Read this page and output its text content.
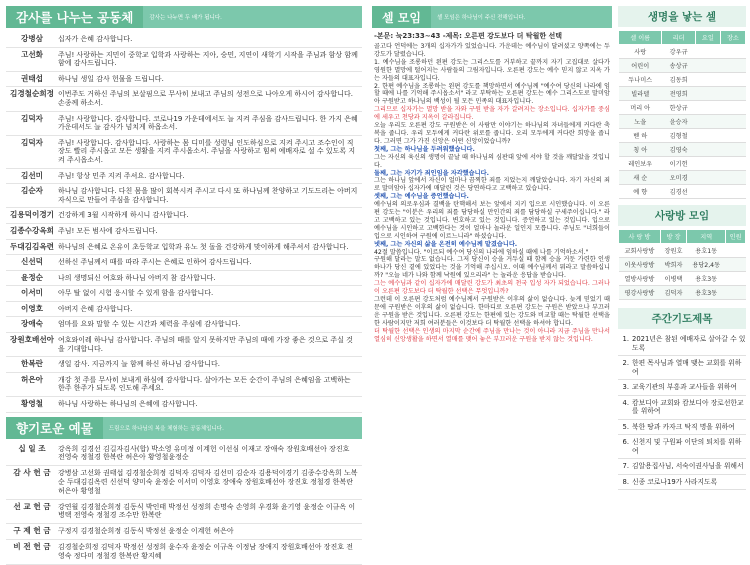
감사를 나누는 공동체	감사는 나누면 두 배가 됩니다.
강병삼	십자가 은혜 감사합니다.
고선화	주님! 사랑하는 지민이 중학교 입학과 사랑하는 지아, 승민, 지연이 새학기 시작을 주님과 함상 함께 함에 감사드립니다.
권태섭	하나님 생일 감사 헌물을 드립니다.
김경철순희정 이번주도 거하신 주님의 보살핌으로 무사히 보내고 주님의 성전으로 나아오게 하시어 감사합니다. 손종께 하소서.
김덕자	주님! 사랑합니다. 감사합니다. 코로나19 가운데에서도 늘 지켜 주심을 감사드립니다. 한 가지 은혜 가운데서도 늘 감사가 넘치게 하옵소서.
김덕자	주님! 사랑합니다. 감사합니다. 사랑하는 몸 디미를 성령님 인도하심으로 지켜 주시고 조수인이 직장도 빨리 주시옵고 모든 생활을 지켜 주시옵소서. 주님을 사랑하고 힘써 예배자로 설 수 있도록 지켜 주시옵소서.
김선미	주님! 항상 민주 지켜 주셔요. 감사합니다.
김순자	하나님 감사합니다. 다친 몸을 많이 회복시켜 주시고 다시 또 하나님께 찬양하고 기도드리는 아버지 자식으로 만들어 주심을 감사합니다.
김용덕이경기 건강하게 3월 시작하게 하시니 감사합니다.
김종수강옥희 주님! 모든 범사에 감사드립니다.
두대김김옥련 하나님의 은혜로 온유이 초등학교 입학과 유노 첫 돌을 건강하게 맞이하게 해주셔서 감사합니다.
신선덕	선하신 주님께서 때를 따라 주시는 은혜로 인하여 감사드립니다.
윤정순	나의 생명되신 여호와 하나님 아버지 참 감사합니다.
이서미	아무 탈 없이 시험 응시할 수 있게 함을 감사합니다.
이영호	아버지 은혜 감사합니다.
장애숙	엄마를 요와 말할 수 있는 시간과 체력을 주심에 감사합니다.
장원호배선아 여호와이레 하나님 감사합니다. 주님의 때를 알지 못하지만 주님의 때에 가장 좋은 것으로 주실 것을 기대합니다.
한복란	생일 감사. 지금까지 늘 함께 하신 하나님 감사합니다.
허은아	개강 첫 주를 무사히 보내게 하심에 감사합니다. 살아가는 모든 순간이 주님의 은혜임을 고백하는 한주 한주가 되도록 인도해 주세요.
황영철	하나님 사랑하는 하나님의 은혜에 감사합니다.
향기로운 예물	드림으로 하나님의 복을 체험하는 공동체입니다.
십 일 조	강옥희 김경선 김길자김사(합) 박소영 유미정 이계헌 이선심 이재고 장애숙 장원호배선아 장진호 전영숙 정철경 한복란 허은아 황영철윤정순
감 사 헌 금	강병삼 고선화 권태섭 김경철순희정 김덕자 김덕자 김선미 김순자 김용덕이경기 김종수강옥희 노복순 두대김김옥련 신선덕 양미숙 윤정순 이서미 이영호 장애숙 장원호배선아 장진호 정철경 한복란 허은아 황영철
선 교 헌 금	강연월 김경철순희정 김동식 박인태 박정선 성정희 손명숙 손영희 우경화 윤기영 윤정순 이규옥 이병택 전영숙 정철경 조수만 한복란
구 제 헌 금	구정지 김경철순희정 김동식 박정선 윤정순 이계헌 허은아
비 전 헌 금	김경철순희정 김덕자 박정선 성정희 윤수자 윤정순 이규옥 이정남 장애지 장원호배선아 장진호 전영숙 정다미 정철경 한복란 황지혜
셀 모임	셀 모임은 하나님이 주신 전해입니다.
-본문: 눅23:33~43 -제목: 오른편 강도보다 더 탁월한 선택

골고다 언덕에는 3개의 십자가가 있었습니다. 가운데는 예수님이 달려셨고 양쪽에는 두 강도가 달렸습니다.

1. 예수님을 조롱하던 왼편 강도는 그리스도를 거부하고 끝까지 자기 고집대로 살다가 영원한 멸망에 떨어지는 사람들의 그림자입니다. 오른편 강도는 예수 믿지 않고 지옥 가는 자들의 대표자입니다.

2. 한편 예수님을 조롱하는 왼편 강도를 책망하면서 예수님께 "예수여 당신의 나라에 임할 때에 나를 기억해 주시옵소서" 라고 부탁하는 오른편 강도는 예수 그리스도로 말미암아 구원받고 하나님의 백성이 될 모든 민족의 대표자입니다.

그리므로 십자가는 멸망 받을 자와 구원 받을 자가 갈려지는 장소입니다. 십자가를 중심에 세우고 천당과 지옥이 갈라집니다.

오늘 우리도 오른편 강도 구원받은 이 사람만 이야기는 하나님의 자녀들에게 커다란 축복을 줍니다. 우리 모두에게 커다란 위로를 줍니다. 오리 모두에게 커다란 희망을 줍니다. 그러면 그가 가진 신앙은 어떤 신앙이었습니까?

첫째, 그는 하나님을 두려워했습니다.

그는 자신의 육신의 생명이 끝날 때 하나님의 심판대 앞에 서야 할 것을 깨달았을 것입니다.

둘째, 그는 자기가 죄인임을 자각했습니다.

그는 하나님 앞에서 자신이 얼마나 끔찍한 죄를 지었는지 깨달았습니다. 자기 자신의 죄로 말미암아 십자가에 매달린 것은 당연하다고 고백하고 있습니다.

셋째, 그는 예수님을 증언했습니다.

예수님의 의로우심과 결백을 탄핵해서 보는 앞에서 지키 입으로 시인했습니다. 이 오른편 강도는 "이분은 우리의 죄를 담당하실 만인간의 죄를 담당하실 구세주이십니다." 라고 고백하고 있는 것입니다. 변호하고 있는 것입니다. 증언하고 있는 것입니다. 입으로 예수님을 시인하고 고백한다는 것이 얼마나 놀라운 일인지 모릅니다. 주님도 "너희들이 입으로 시인하여 구원에 이르느니라" 하셨습니다.

넷째, 그는 자신의 삶을 온전히 예수님께 맡겼습니다.

42절 말씀입니다. "이르되 예수여 당신의 나라에 임하실 때에 나를 기억하소서."

구원해 달라는 말도 없습니다. 그저 당신이 승을 거두실 때 함께 승을 거둔 가련한 인생 하나가 당신 곁에 있었다는 것을 기억해 주십시오. 이때 예수님께서 뭐라고 말씀하십니까? "오늘 네가 나와 함께 낙원에 있으리라" 는 놀라운 응답을 받습니다.

그는 예수님과 같이 십자가에 매달린 강도가 최초의 천국 입성 자가 되었습니다. 그러나 이 오른편 강도보다 더 탁월한 선택은 무엇입니까?

그런데 이 오른편 강도처럼 예수님께서 구원받은 이후의 삶이 없습니다. 늦게 믿었기 때문에 구원받은 이후의 삶이 없습니다. 한마디로 오른편 강도는 구원은 받았으나 부끄러운 구원을 받은 것입니다. 오른편 강도는 한편에 있는 강도와 비교할 때는 탁월한 선택을 한 사람이지만 저희 여러분들은 이것보다 더 탁월한 선택을 하셔야 합니다.

더 탁월한 선택은 인생의 마지막 순간에 주님을 만나는 것이 아니라 지금 주님을 만나서 열심히 신앙생활을 하면서 열매를 맺어 놓은 부끄러운 구원을 받지 않는 것입니다.

생명을 낳는 셀
셀 이름	리더	요일	장소
사랑	강우규		
어린이	송상규		
두나미스	김동희		
빌라델	전영희		
머리 아	한상규		
노을	윤승자		
벧 하	김형철		
칭 아	김영숙		
레인보우	이기헌		
새 순	오미경		
예 향	김경선		
사랑방 모임
사 랑 방	방 장	지역	인원
교회사랑방	장원호	용호1동	
이웃사랑방	박희자	용당2,4동	
열방사랑방	이병택	용호3동	
평강사랑방	김덕자	용호3동	
주간기도제목
1. 2021년은 참된 예배자로 살아갈 수 있도록
2. 한편 목사님과 열매 맺는 교회를 위하여
3. 교육기관의 부흥과 교사들을 위하여
4. 캄보디아 교회와 캄보디아 장로선한교를 위하여
5. 북한 땅과 카자크 탁직 명을 위하여
6. 신천지 및 구원파 이단의 퇴치를 위하여
7. 김알용집사님, 서숙이권사님을 위해서
8. 신종 코로나19가 사라지도록
